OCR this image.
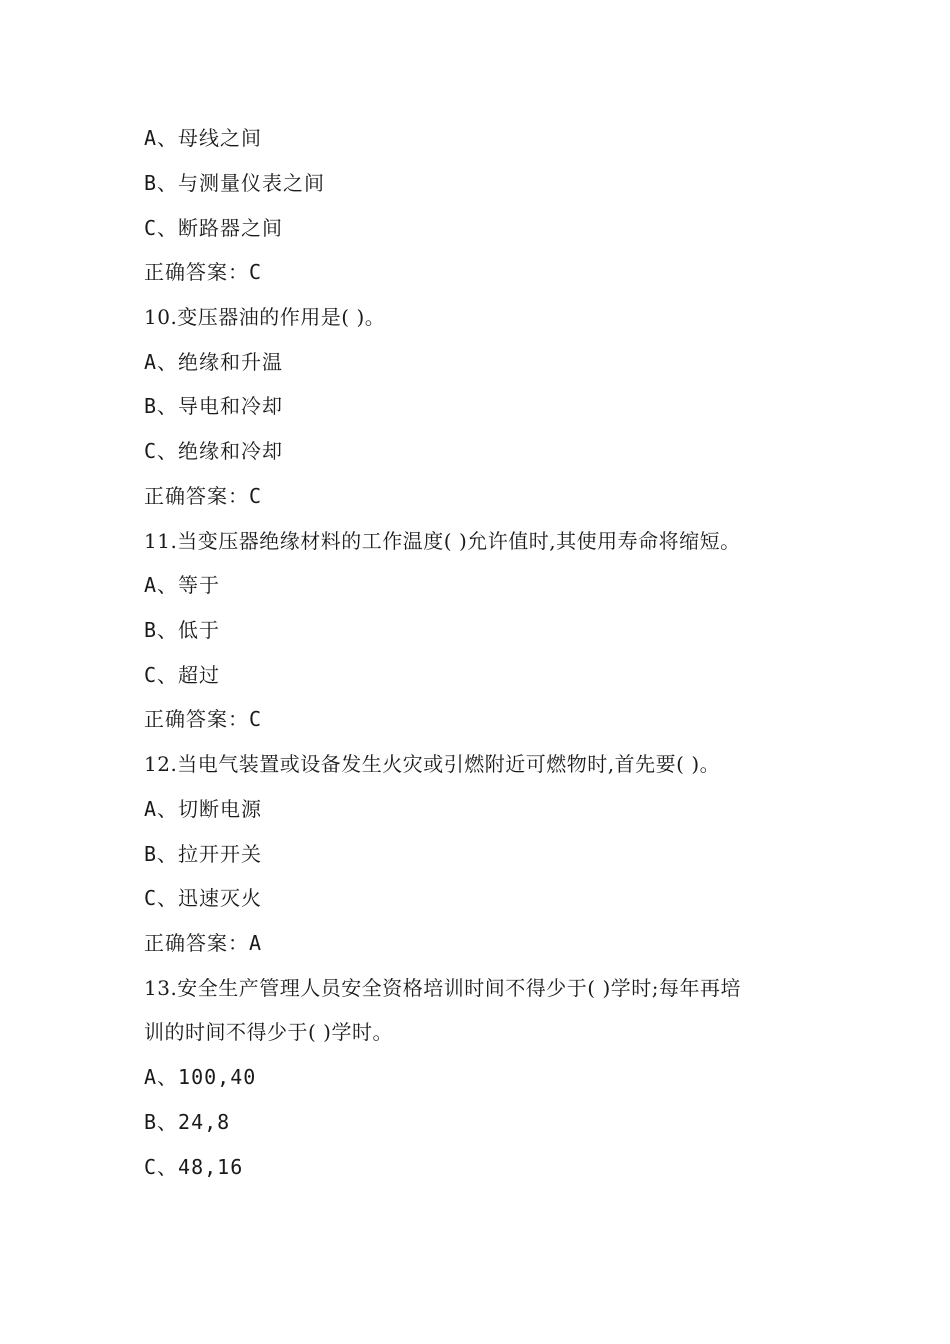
A、母线之间
B、与测量仪表之间
C、断路器之间
正确答案：C
10.变压器油的作用是( )。
A、绝缘和升温
B、导电和冷却
C、绝缘和冷却
正确答案：C
11.当变压器绝缘材料的工作温度( )允许值时,其使用寿命将缩短。
A、等于
B、低于
C、超过
正确答案：C
12.当电气装置或设备发生火灾或引燃附近可燃物时,首先要( )。
A、切断电源
B、拉开开关
C、迅速灭火
正确答案：A
13.安全生产管理人员安全资格培训时间不得少于( )学时;每年再培
训的时间不得少于( )学时。
A、100,40
B、24,8
C、48,16
